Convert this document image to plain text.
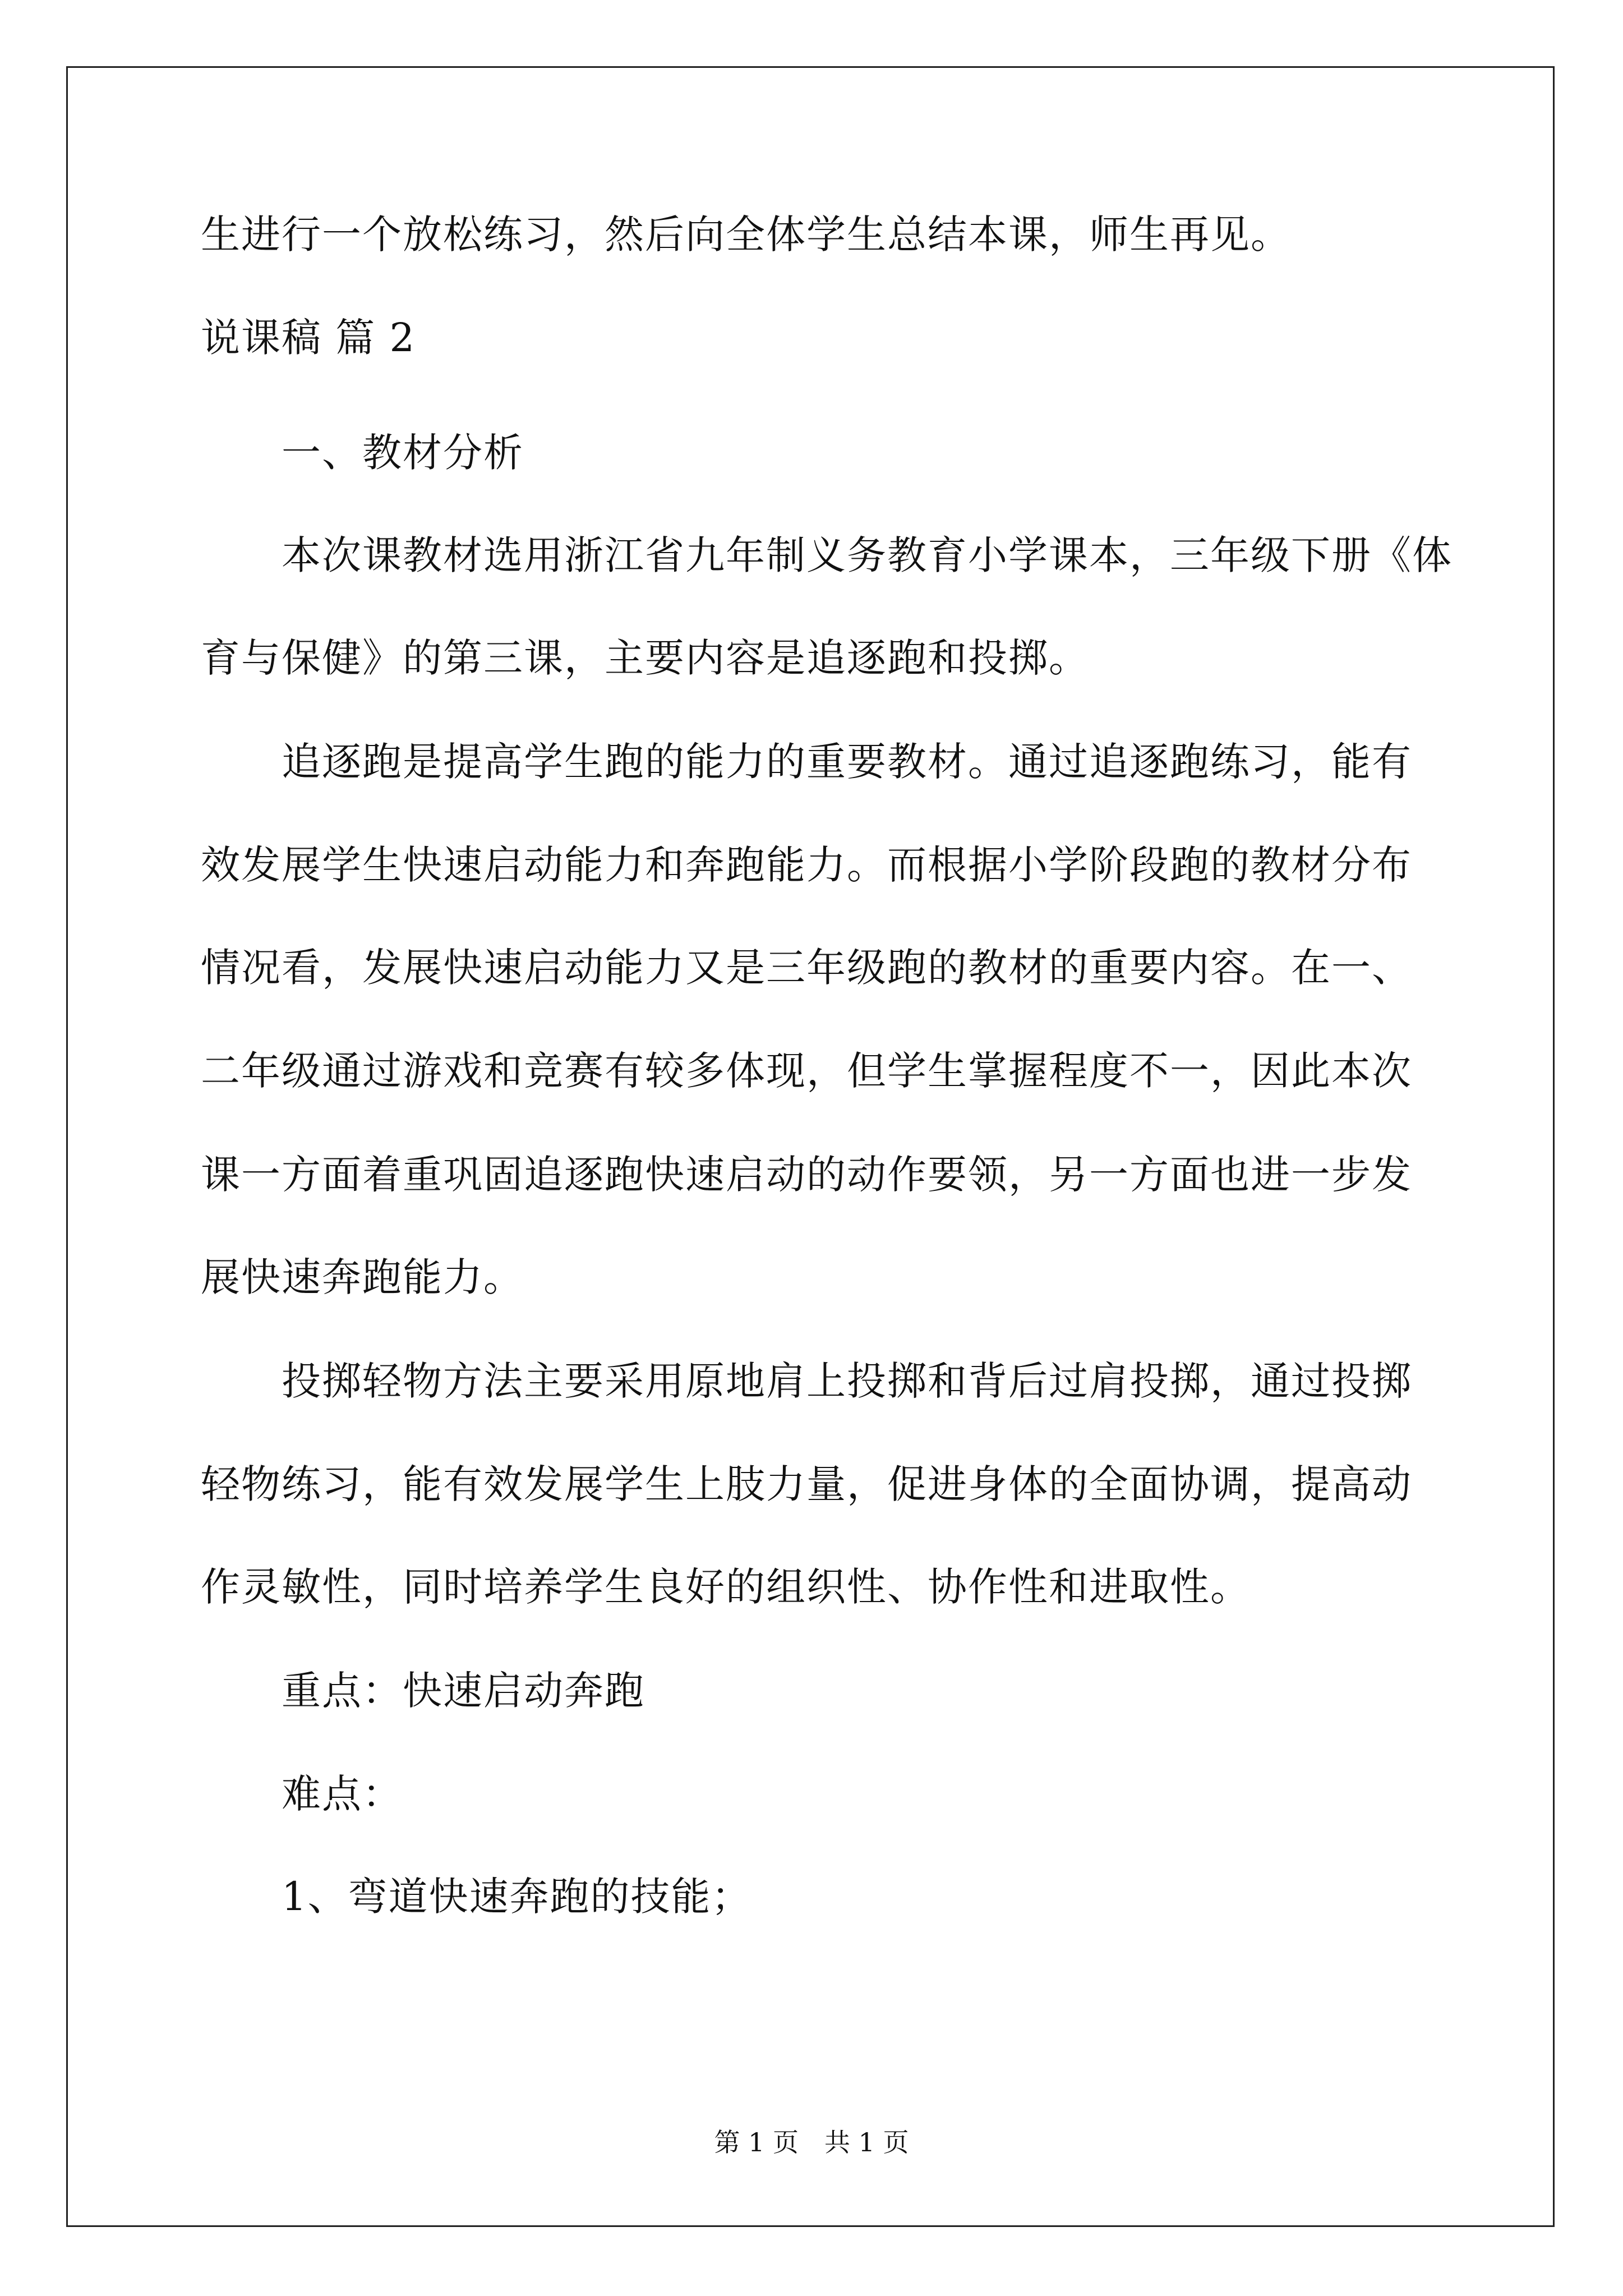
生进行一个放松练习，然后向全体学生总结本课，师生再见。
说课稿 篇 2
一、教材分析
本次课教材选用浙江省九年制义务教育小学课本，三年级下册《体
育与保健》的第三课，主要内容是追逐跑和投掷。
追逐跑是提高学生跑的能力的重要教材。通过追逐跑练习，能有
效发展学生快速启动能力和奔跑能力。而根据小学阶段跑的教材分布
情况看，发展快速启动能力又是三年级跑的教材的重要内容。在一、
二年级通过游戏和竞赛有较多体现，但学生掌握程度不一，因此本次
课一方面着重巩固追逐跑快速启动的动作要领，另一方面也进一步发
展快速奔跑能力。
投掷轻物方法主要采用原地肩上投掷和背后过肩投掷，通过投掷
轻物练习，能有效发展学生上肢力量，促进身体的全面协调，提高动
作灵敏性，同时培养学生良好的组织性、协作性和进取性。
重点：快速启动奔跑
难点：
1、弯道快速奔跑的技能；
第 1 页　共 1 页
